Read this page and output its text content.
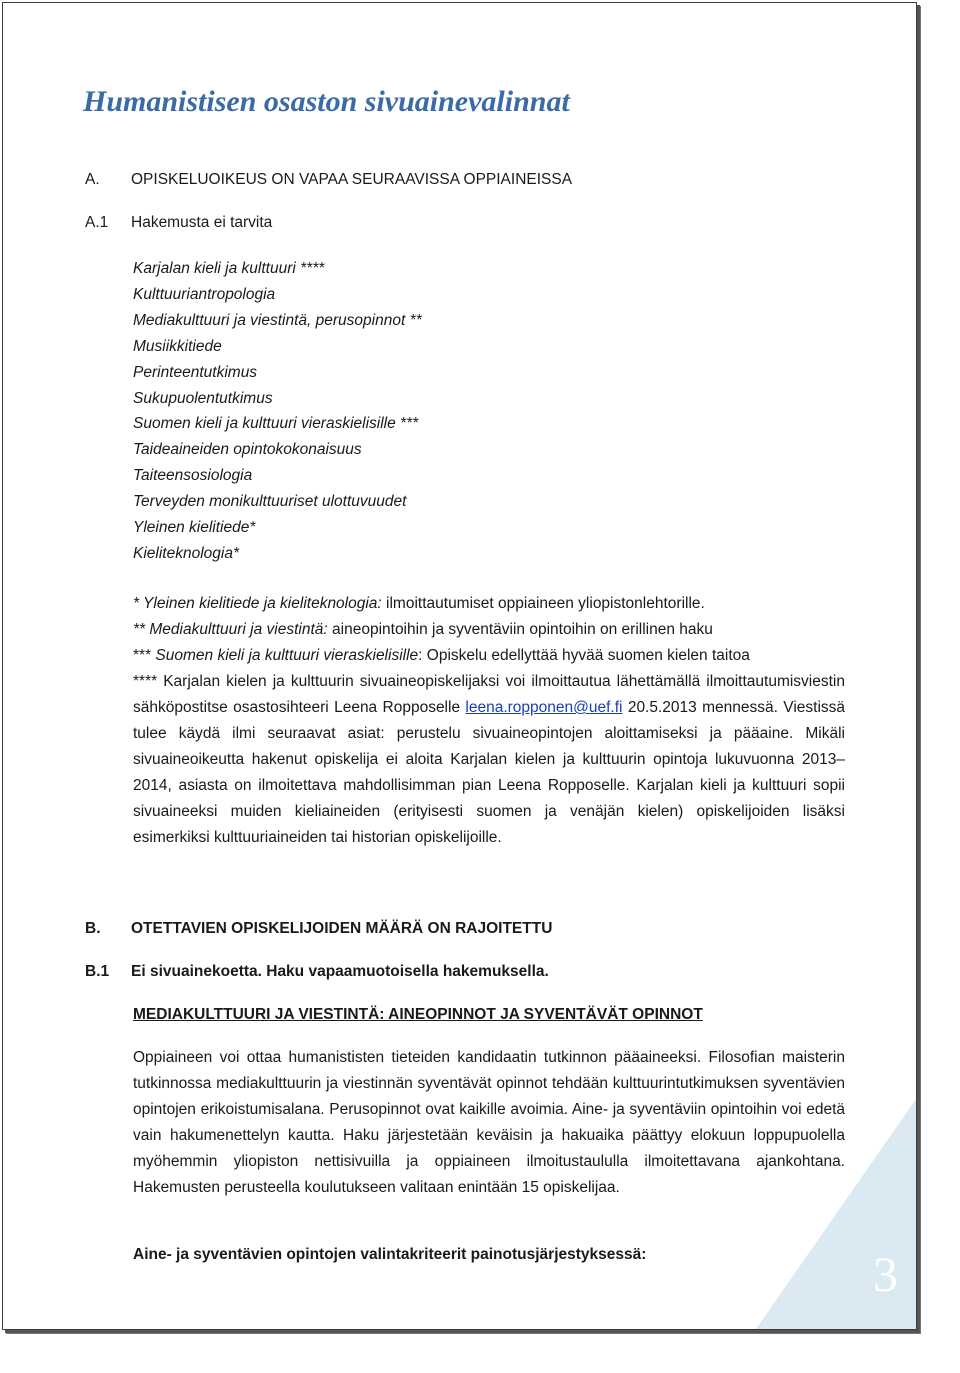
Humanistisen osaston sivuainevalinnat
A. OPISKELUOIKEUS ON VAPAA SEURAAVISSA OPPIAINEISSA
A.1 Hakemusta ei tarvita
Karjalan kieli ja kulttuuri ****
Kulttuuriantropologia
Mediakulttuuri ja viestintä, perusopinnot **
Musiikkitiede
Perinteentutkimus
Sukupuolentutkimus
Suomen kieli ja kulttuuri vieraskielisille ***
Taideaineiden opintokokonaisuus
Taiteensosiologia
Terveyden monikulttuuriset ulottuvuudet
Yleinen kielitiede*
Kieliteknologia*
* Yleinen kielitiede ja kieliteknologia: ilmoittautumiset oppiaineen yliopistonlehtorille.
** Mediakulttuuri ja viestintä: aineopintoihin ja syventäviin opintoihin on erillinen haku
*** Suomen kieli ja kulttuuri vieraskielisille: Opiskelu edellyttää hyvää suomen kielen taitoa
**** Karjalan kielen ja kulttuurin sivuaineopiskelijaksi voi ilmoittautua lähettämällä ilmoittautumisviestin sähköpostitse osastosihteeri Leena Ropposelle leena.ropponen@uef.fi 20.5.2013 mennessä. Viestissä tulee käydä ilmi seuraavat asiat: perustelu sivuaineopintojen aloittamiseksi ja pääaine. Mikäli sivuaineoikeutta hakenut opiskelija ei aloita Karjalan kielen ja kulttuurin opintoja lukuvuonna 2013–2014, asiasta on ilmoitettava mahdollisimman pian Leena Ropposelle. Karjalan kieli ja kulttuuri sopii sivuaineeksi muiden kieliaineiden (erityisesti suomen ja venäjän kielen) opiskelijoiden lisäksi esimerkiksi kulttuuriaineiden tai historian opiskelijoille.
B. OTETTAVIEN OPISKELIJOIDEN MÄÄRÄ ON RAJOITETTU
B.1 Ei sivuainekoetta. Haku vapaamuotoisella hakemuksella.
MEDIAKULTTUURI JA VIESTINTÄ: AINEOPINNOT JA SYVENTÄVÄT OPINNOT
Oppiaineen voi ottaa humanististen tieteiden kandidaatin tutkinnon pääaineeksi. Filosofian maisterin tutkinnossa mediakulttuurin ja viestinnän syventävät opinnot tehdään kulttuurintutkimuksen syventävien opintojen erikoistumisalana. Perusopinnot ovat kaikille avoimia. Aine- ja syventäviin opintoihin voi edetä vain hakumenettelyn kautta. Haku järjestetään keväisin ja hakuaika päättyy elokuun loppupuolella myöhemmin yliopiston nettisivuilla ja oppiaineen ilmoitustaululla ilmoitettavana ajankohtana. Hakemusten perusteella koulutukseen valitaan enintään 15 opiskelijaa.
Aine- ja syventävien opintojen valintakriteerit painotusjärjestyksessä:	3
